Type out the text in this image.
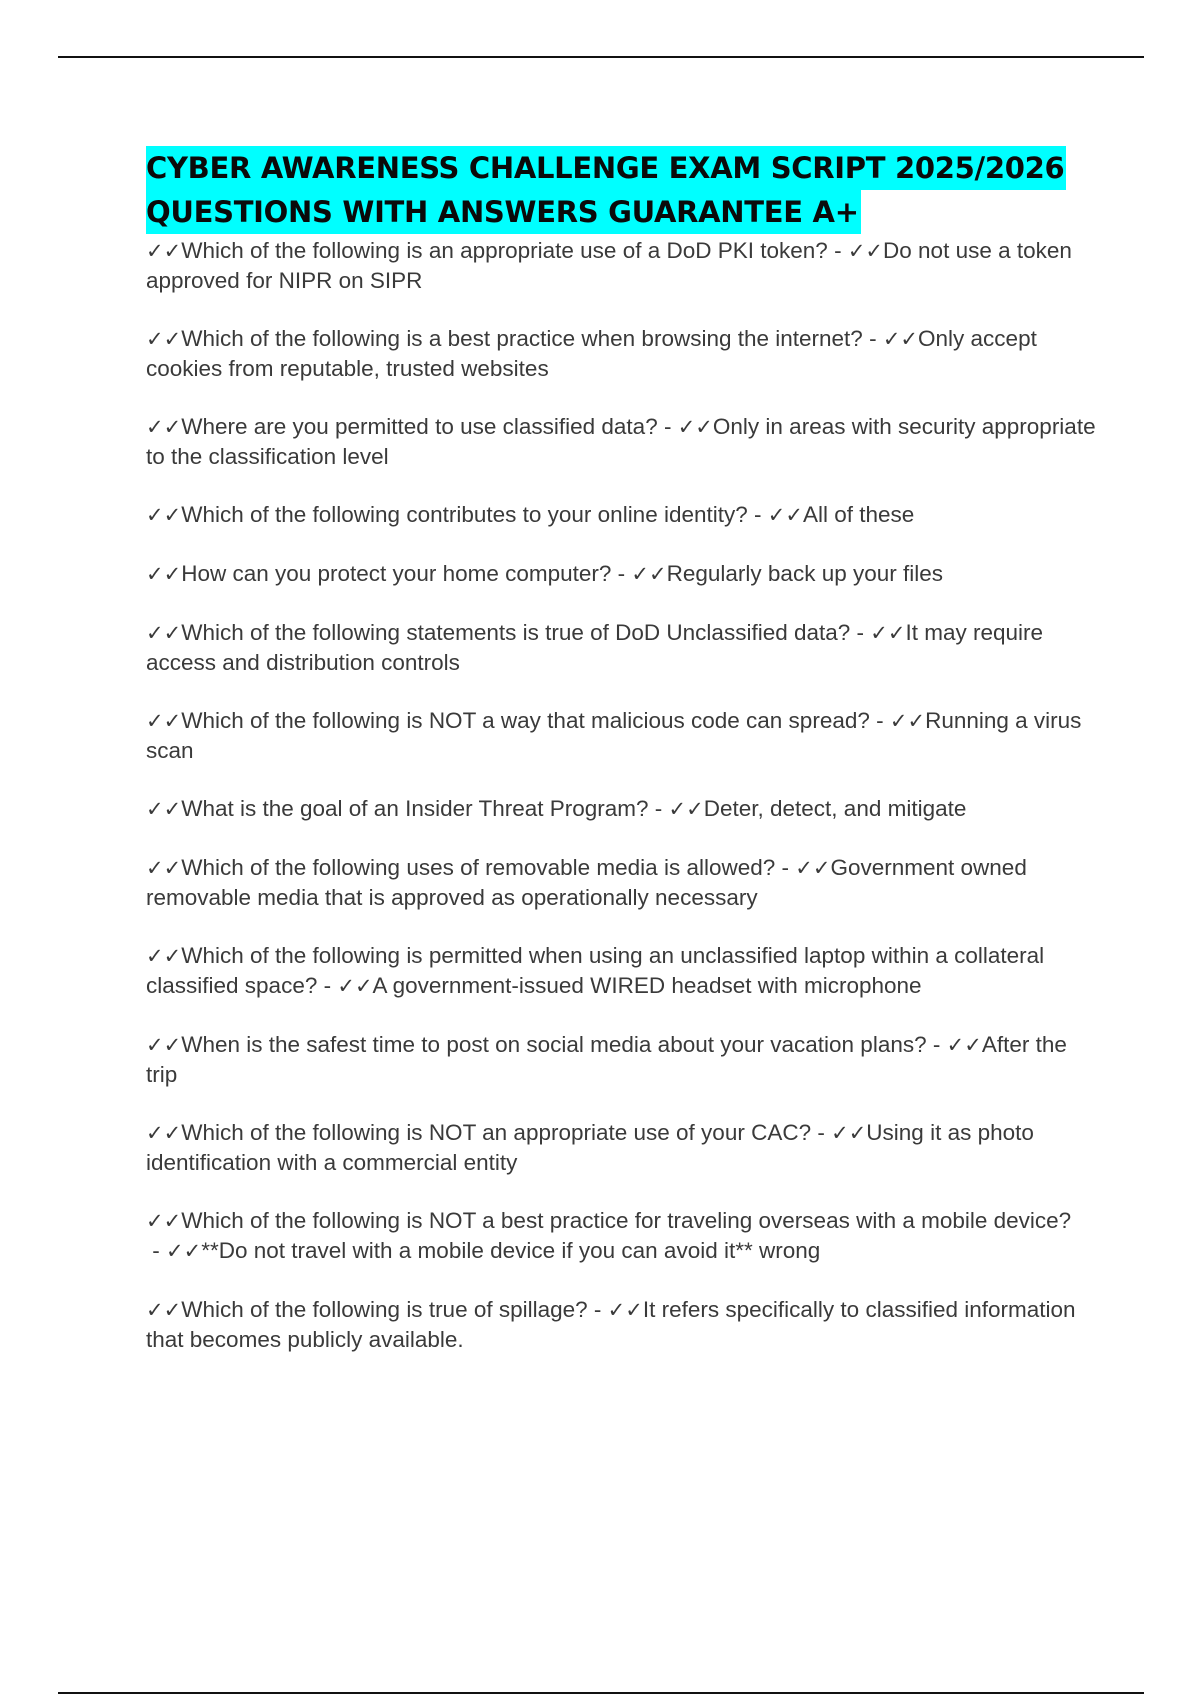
CYBER AWARENESS CHALLENGE EXAM SCRIPT 2025/2026
QUESTIONS WITH ANSWERS GUARANTEE A+
✓✓Which of the following is an appropriate use of a DoD PKI token? - ✓✓Do not use a token approved for NIPR on SIPR
✓✓Which of the following is a best practice when browsing the internet? - ✓✓Only accept cookies from reputable, trusted websites
✓✓Where are you permitted to use classified data? - ✓✓Only in areas with security appropriate to the classification level
✓✓Which of the following contributes to your online identity? - ✓✓All of these
✓✓How can you protect your home computer? - ✓✓Regularly back up your files
✓✓Which of the following statements is true of DoD Unclassified data? - ✓✓It may require access and distribution controls
✓✓Which of the following is NOT a way that malicious code can spread? - ✓✓Running a virus scan
✓✓What is the goal of an Insider Threat Program? - ✓✓Deter, detect, and mitigate
✓✓Which of the following uses of removable media is allowed? - ✓✓Government owned removable media that is approved as operationally necessary
✓✓Which of the following is permitted when using an unclassified laptop within a collateral classified space? - ✓✓A government-issued WIRED headset with microphone
✓✓When is the safest time to post on social media about your vacation plans? - ✓✓After the trip
✓✓Which of the following is NOT an appropriate use of your CAC? - ✓✓Using it as photo identification with a commercial entity
✓✓Which of the following is NOT a best practice for traveling overseas with a mobile device? - ✓✓**Do not travel with a mobile device if you can avoid it** wrong
✓✓Which of the following is true of spillage? - ✓✓It refers specifically to classified information that becomes publicly available.
